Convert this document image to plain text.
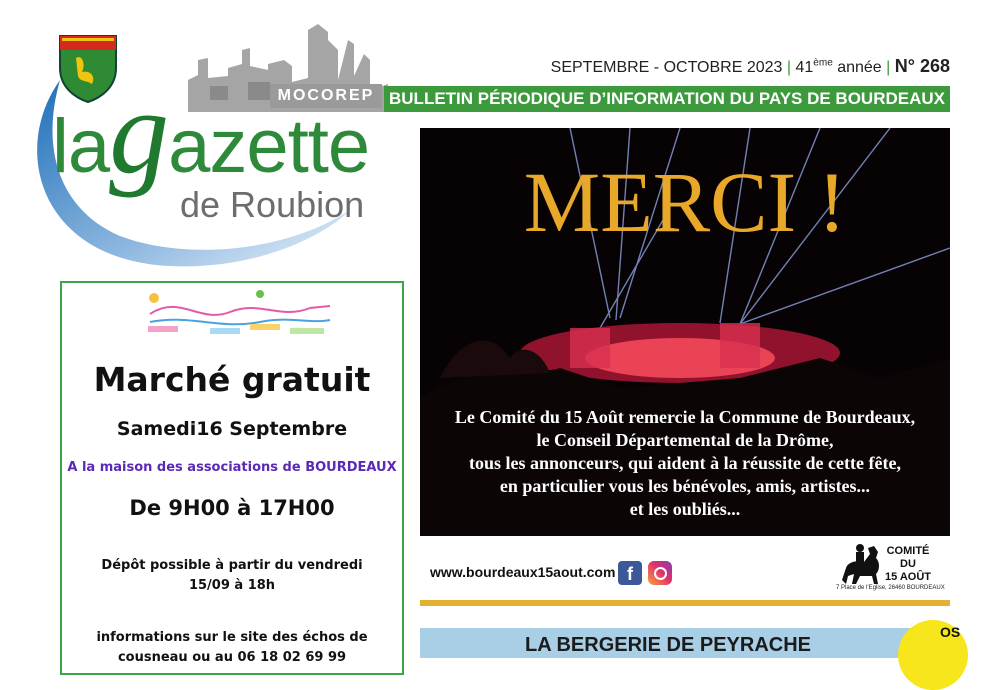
MOCOREP
lagazette
de Roubion
SEPTEMBRE - OCTOBRE 2023 | 41ème année | N° 268
BULLETIN PÉRIODIQUE D’INFORMATION DU PAYS DE BOURDEAUX
MERCI !
Le Comité du 15 Août remercie la Commune de Bourdeaux,
le Conseil Départemental de la Drôme,
tous les annonceurs, qui aident à la réussite de cette fête,
en particulier vous les bénévoles, amis, artistes...
et les oubliés...
www.bourdeaux15aout.com f
COMITÉ
DU
15 AOÛT
7 Place de l’Eglise, 26460 BOURDEAUX
LA BERGERIE DE PEYRACHE
OS
Marché gratuit
Samedi16 Septembre
A la maison des associations de BOURDEAUX
De 9H00 à 17H00
Dépôt possible à partir du vendredi
15/09 à 18h
informations sur le site des échos de
cousneau ou au 06 18 02 69 99
